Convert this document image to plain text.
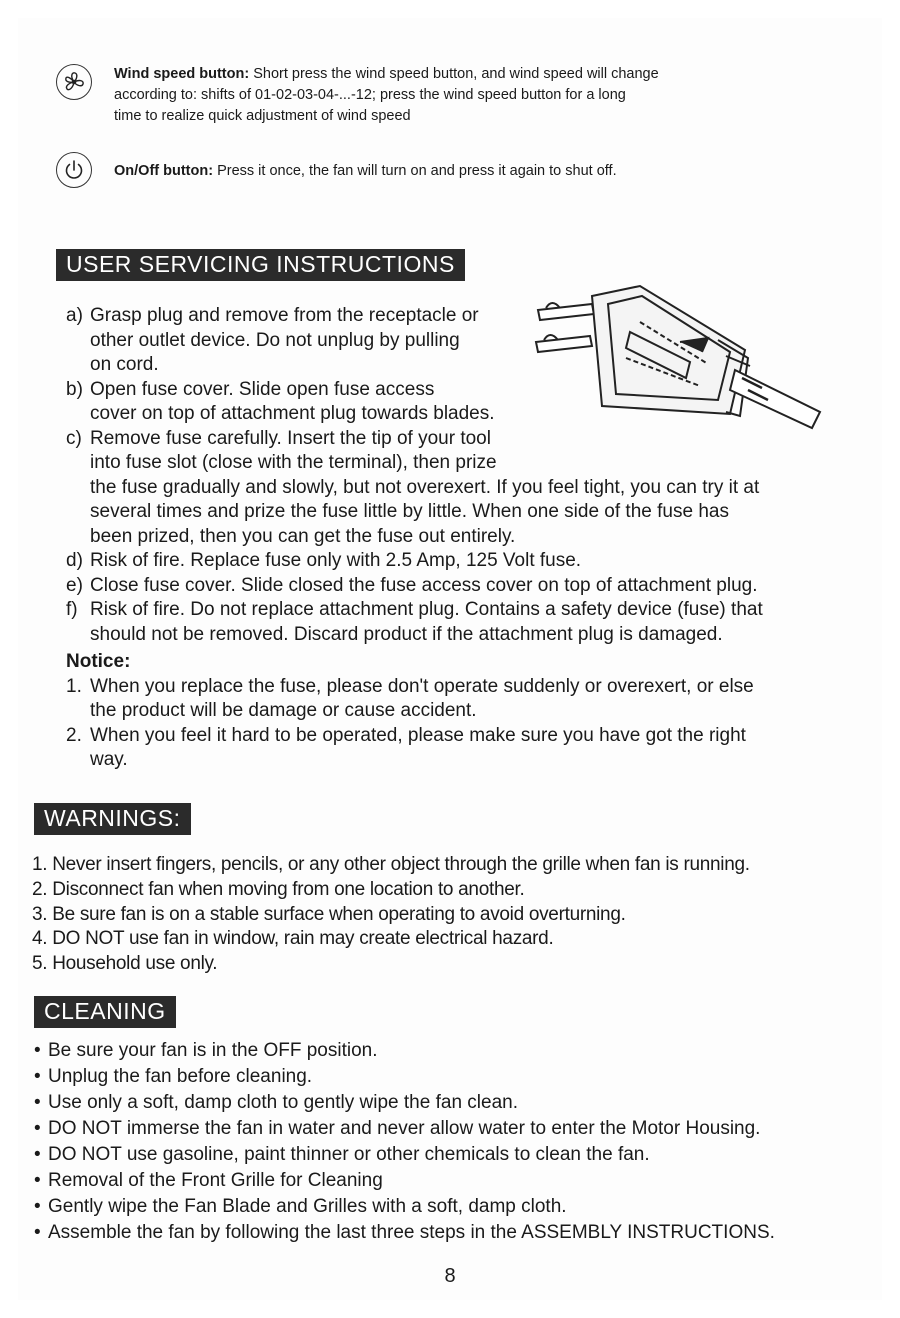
Wind speed button: Short press the wind speed button, and wind speed will change
according to: shifts of 01-02-03-04-...-12; press the wind speed button for a long
time to realize quick adjustment of wind speed
On/Off button: Press it once, the fan will turn on and press it again to shut off.
USER SERVICING INSTRUCTIONS
a) Grasp plug and remove from the receptacle or
other outlet device. Do not unplug by pulling
on cord.
b) Open fuse cover. Slide open fuse access
cover on top of attachment plug towards blades.
c) Remove fuse carefully. Insert the tip of your tool
into fuse slot (close with the terminal), then prize
the fuse gradually and slowly, but not overexert. If you feel tight, you can try it at
several times and prize the fuse little by little. When one side of the fuse has
been prized, then you can get the fuse out entirely.
d) Risk of fire. Replace fuse only with 2.5 Amp, 125 Volt fuse.
e) Close fuse cover. Slide closed the fuse access cover on top of attachment plug.
f) Risk of fire. Do not replace attachment plug. Contains a safety device (fuse) that
should not be removed. Discard product if the attachment plug is damaged.
Notice:
1. When you replace the fuse, please don't operate suddenly or overexert, or else
the product will be damage or cause accident.
2. When you feel it hard to be operated, please make sure you have got the right
way.
WARNINGS:
1. Never insert fingers, pencils, or any other object through the grille when fan is running.
2. Disconnect fan when moving from one location to another.
3. Be sure fan is on a stable surface when operating to avoid overturning.
4. DO NOT use fan in window, rain may create electrical hazard.
5. Household use only.
CLEANING
• Be sure your fan is in the OFF position.
• Unplug the fan before cleaning.
• Use only a soft, damp cloth to gently wipe the fan clean.
• DO NOT immerse the fan in water and never allow water to enter the Motor Housing.
• DO NOT use gasoline, paint thinner or other chemicals to clean the fan.
• Removal of the Front Grille for Cleaning
• Gently wipe the Fan Blade and Grilles with a soft, damp cloth.
• Assemble the fan by following the last three steps in the ASSEMBLY INSTRUCTIONS.
8
